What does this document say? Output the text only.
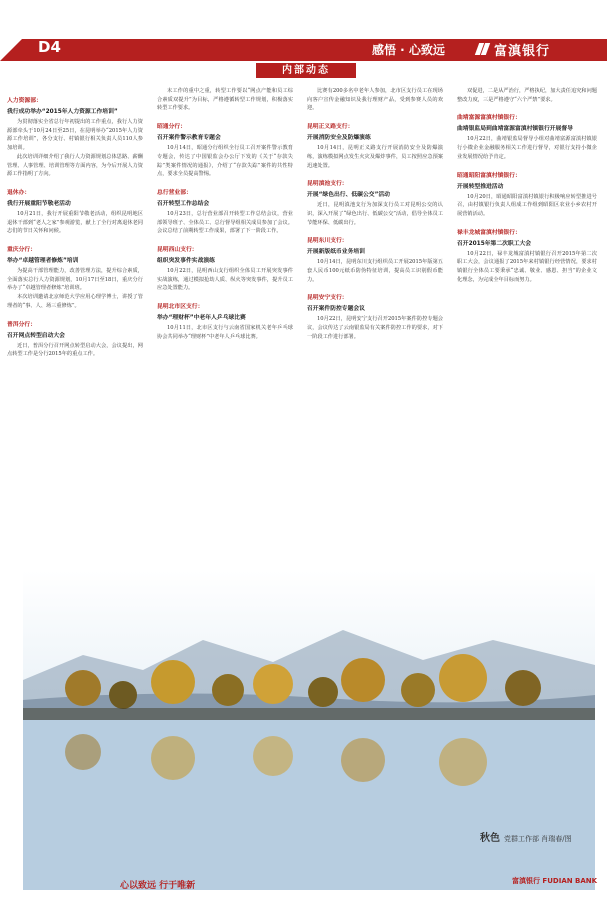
D4	感悟 · 心致远	富滇银行
内部动态
人力资源部：
我行成功举办“2015年人力资源工作培训”

为贯彻落实全省总行年初提出的工作重点，我行人力资源部牵头于10月24日至25日，在昆明举办“2015年人力资源工作培训”，各分支行、村镇银行相关负责人员110人参加培训。

此次培训详细介绍了我行人力资源规划总体思路、薪酬管理、人事管理、培训管理等方面内容，为今后开展人力资源工作指明了方向。

退休办：
我行开展重阳节敬老活动

10月21日，我行开展重阳节敬老活动，组织昆明地区退休干部到“老人之家”参观游览，献上了全行对离退休老同志们的节日关怀和问候。

重庆分行：
举办“卓越管理者修炼”培训

为提高干部管理能力，改善管理方法，提升综合素质，全面落实总行人力资源规划，10月17日至18日，重庆分行举办了“卓越管理者修炼”培训班。

本次培训邀请北京师范大学应用心理学博士，讲授了管理者的“事、人、场三重修炼”。

普洱分行：
召开网点转型启动大会

近日，普洱分行召开网点转型启动大会，会议提出，网点转型工作是分行2015年的重点工作。

末工作的重中之重，转型工作要以“网点产能和员工综合素质双提升”为目标，严格遵循转型工作规划，积极落实转型工作要求。

昭通分行：
召开案件警示教育专题会

10月14日，昭通分行组织全行员工召开案件警示教育专题会，传达了中国银监会办公厅下发的《关于“存款失踪”类案件情况的通报》，介绍了“存款失踪”案件的共性特点，要求全员提高警惕。

总行营业部：
召开转型工作总结会

10月23日，总行营业部召开转型工作总结会议，营业部领导班子、全体员工、总行督导组相关成员参加了会议。会议总结了前期转型工作成果，部署了下一阶段工作。

昆明西山支行：
组织突发事件实战演练

10月22日，昆明西山支行组织全体员工开展突发事件实战演练，通过模拟抢劫人质、纵火等突发事件，提升员工应急处置能力。

昆明北市区支行：
举办“理财杯”中老年人乒乓球比赛

10月11日，北市区支行与云南省国家机关老年乒乓球协会共同举办“理财杯”中老年人乒乓球比赛。

比赛有200多名中老年人参加，北市区支行员工在现场向客户宣传金融知识及我行理财产品，受到参赛人员的欢迎。

昆明正义路支行：
开展消防安全及防爆演练

10月14日，昆明正义路支行开展消防安全及防爆演练，演练模拟网点发生火灾及爆炸事件，员工按照应急预案迅速处置。

昆明滇池支行：
开展“绿色出行、低碳公交”活动

近日，昆明滇池支行为加深支行员工对昆明公交的认识，深入开展了“绿色出行、低碳公交”活动，倡导全体员工节能环保、低碳出行。

昆明东川支行：
开展新版纸币业务培训

10月14日，昆明东川支行组织员工开展2015年版第五套人民币100元纸币防伪特征培训，提高员工识别假币能力。

昆明安宁支行：
召开案件防控专题会议

10月22日，昆明安宁支行召开2015年案件防控专题会议，会议传达了云南银监局有关案件防控工作的要求，对下一阶段工作进行部署。

双促进，二是从严治行，严格执纪，加大责任追究和问题整改力度，三是严格遵守“六个严禁”要求。

曲靖富源富滇村镇银行：
曲靖银监局到曲靖富源富滇村镇银行开展督导

10月22日，曲靖银监局督导小组对曲靖富源富滇村镇银行小微企业金融服务相关工作进行督导，对银行支持小微企业发展情况给予肯定。

昭通昭阳富滇村镇银行：
开展转型推进活动

10月20日，昭通昭阳富滇村镇银行积极响应转型推进号召，由村镇银行负责人组成工作组到昭阳区农业小乡农村开展营销活动。

禄丰龙城富滇村镇银行：
召开2015年第二次职工大会

10月22日，禄丰龙城富滇村镇银行召开2015年第二次职工大会，会议通报了2015年来村镇银行经营情况，要求村镇银行全体员工要秉承“忠诚、敬业、感恩、担当”的企业文化理念，为完成全年目标而努力。

秋色 党群工作部 肖瑞春/图
心以致远 行于唯新	富滇银行 FUDIAN BANK
